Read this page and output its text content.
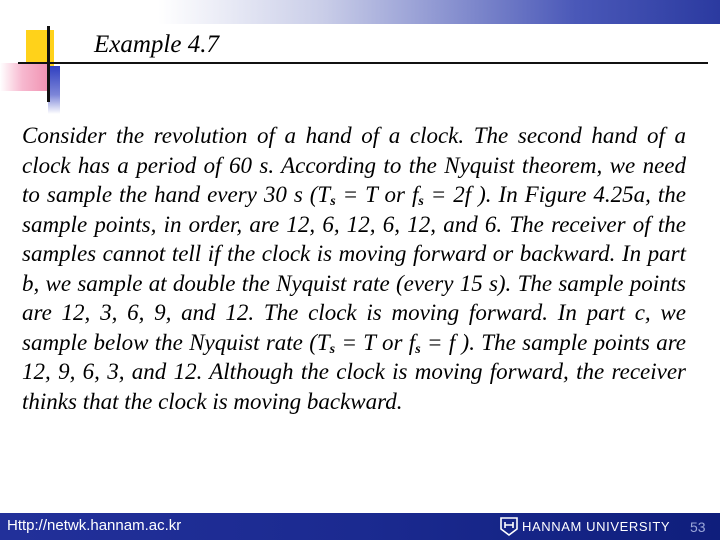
Example 4.7

Consider the revolution of a hand of a clock. The second hand of a clock has a period of 60 s. According to the Nyquist theorem, we need to sample the hand every 30 s ($T_s = T$ or $f_s = 2f$ ). In Figure 4.25a, the sample points, in order, are 12, 6, 12, 6, 12, and 6. The receiver of the samples cannot tell if the clock is moving forward or backward. In part b, we sample at double the Nyquist rate (every 15 s). The sample points are 12, 3, 6, 9, and 12. The clock is moving forward. In part c, we sample below the Nyquist rate ($T_s = T$ or $f_s = f$ ). The sample points are 12, 9, 6, 3, and 12. Although the clock is moving forward, the receiver thinks that the clock is moving backward.

Http://netwk.hannam.ac.kr	HANNAM UNIVERSITY 53
